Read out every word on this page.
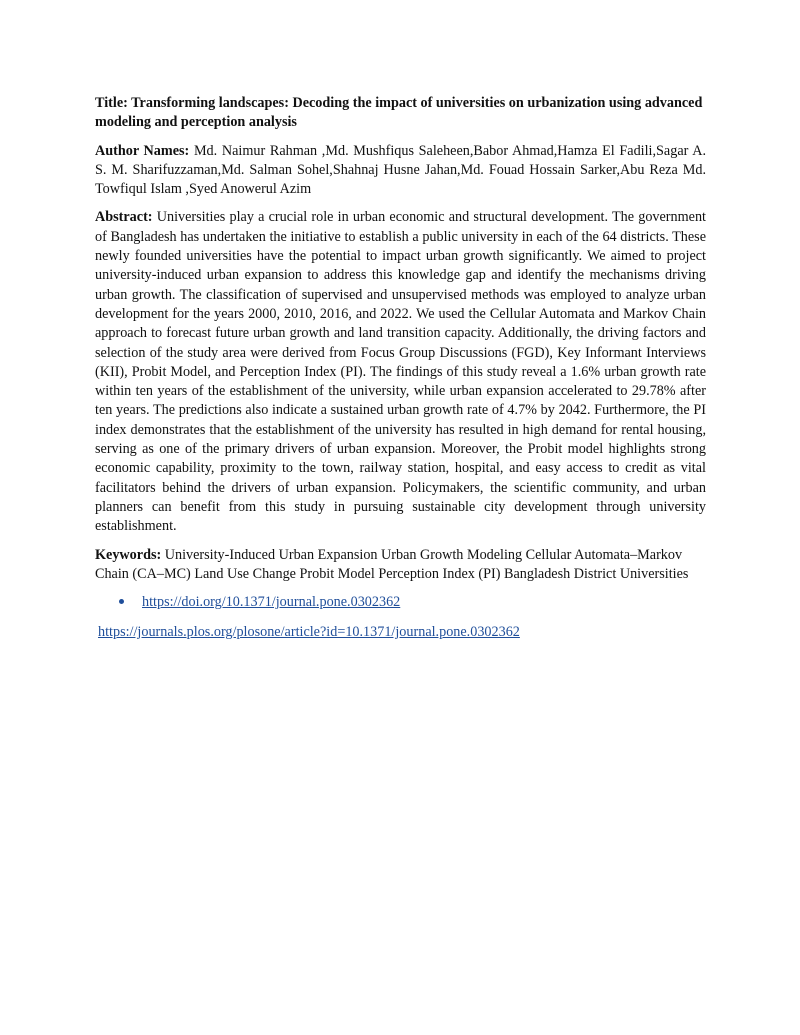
Title: Transforming landscapes: Decoding the impact of universities on urbanization using advanced modeling and perception analysis

Author Names: Md. Naimur Rahman ,Md. Mushfiqus Saleheen,Babor Ahmad,Hamza El Fadili,Sagar A. S. M. Sharifuzzaman,Md. Salman Sohel,Shahnaj Husne Jahan,Md. Fouad Hossain Sarker,Abu Reza Md. Towfiqul Islam ,Syed Anowerul Azim

Abstract: Universities play a crucial role in urban economic and structural development. The government of Bangladesh has undertaken the initiative to establish a public university in each of the 64 districts. These newly founded universities have the potential to impact urban growth significantly. We aimed to project university-induced urban expansion to address this knowledge gap and identify the mechanisms driving urban growth. The classification of supervised and unsupervised methods was employed to analyze urban development for the years 2000, 2010, 2016, and 2022. We used the Cellular Automata and Markov Chain approach to forecast future urban growth and land transition capacity. Additionally, the driving factors and selection of the study area were derived from Focus Group Discussions (FGD), Key Informant Interviews (KII), Probit Model, and Perception Index (PI). The findings of this study reveal a 1.6% urban growth rate within ten years of the establishment of the university, while urban expansion accelerated to 29.78% after ten years. The predictions also indicate a sustained urban growth rate of 4.7% by 2042. Furthermore, the PI index demonstrates that the establishment of the university has resulted in high demand for rental housing, serving as one of the primary drivers of urban expansion. Moreover, the Probit model highlights strong economic capability, proximity to the town, railway station, hospital, and easy access to credit as vital facilitators behind the drivers of urban expansion. Policymakers, the scientific community, and urban planners can benefit from this study in pursuing sustainable city development through university establishment.

Keywords: University-Induced Urban Expansion Urban Growth Modeling Cellular Automata–Markov Chain (CA–MC) Land Use Change Probit Model Perception Index (PI) Bangladesh District Universities

https://doi.org/10.1371/journal.pone.0302362
https://journals.plos.org/plosone/article?id=10.1371/journal.pone.0302362
